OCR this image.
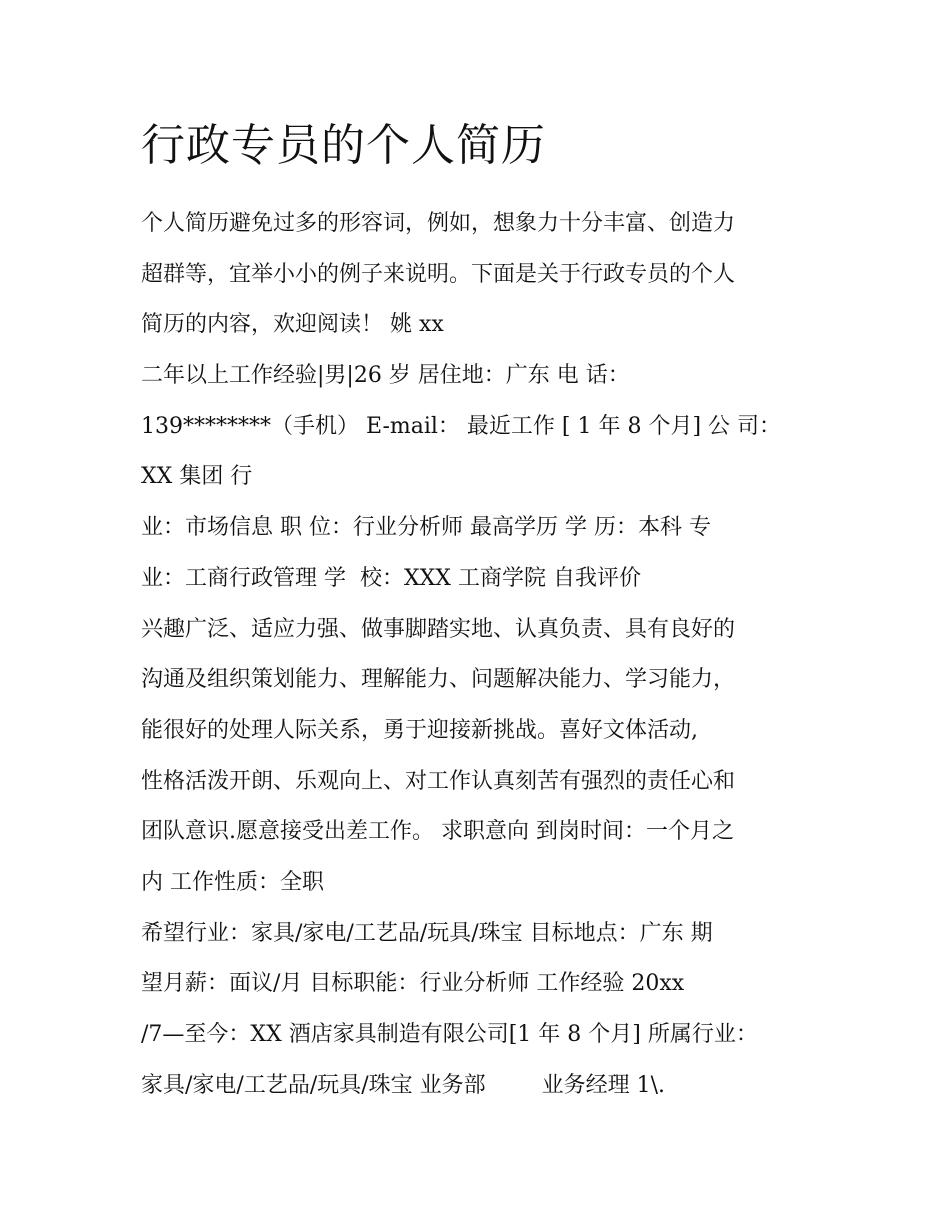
行政专员的个人简历
个人简历避免过多的形容词，例如，想象力十分丰富、创造力
超群等，宜举小小的例子来说明。下面是关于行政专员的个人
简历的内容，欢迎阅读！ 姚 xx
二年以上工作经验|男|26 岁 居住地：广东 电 话：
139********（手机） E-mail： 最近工作 [ 1 年 8 个月] 公 司：
XX 集团 行
业：市场信息 职 位：行业分析师 最高学历 学 历：本科 专
业：工商行政管理 学  校：XXX 工商学院 自我评价
兴趣广泛、适应力强、做事脚踏实地、认真负责、具有良好的
沟通及组织策划能力、理解能力、问题解决能力、学习能力，
能很好的处理人际关系，勇于迎接新挑战。喜好文体活动,
性格活泼开朗、乐观向上、对工作认真刻苦有强烈的责任心和
团队意识.愿意接受出差工作。 求职意向 到岗时间：一个月之
内 工作性质：全职
希望行业：家具/家电/工艺品/玩具/珠宝 目标地点：广东 期
望月薪：面议/月 目标职能：行业分析师 工作经验 20xx
/7—至今：XX 酒店家具制造有限公司[1 年 8 个月] 所属行业：
家具/家电/工艺品/玩具/珠宝 业务部        业务经理 1\.
